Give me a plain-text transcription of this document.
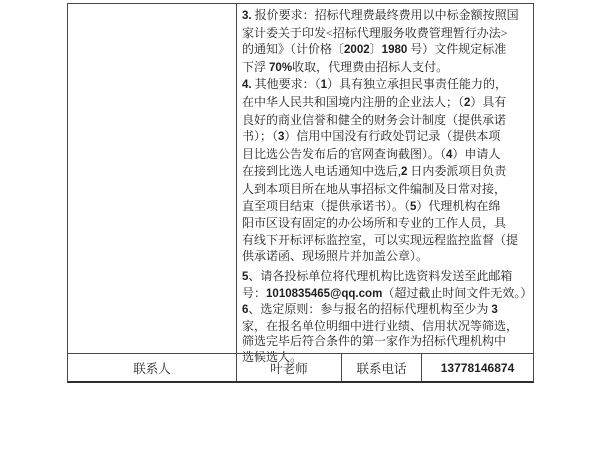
3. 报价要求：招标代理费最终费用以中标金额按照国
家计委关于印发<招标代理服务收费管理暂行办法>
的通知》（计价格〔2002〕1980 号）文件规定标准
下浮 70%收取，代理费由招标人支付。
4. 其他要求：（1）具有独立承担民事责任能力的，
在中华人民共和国境内注册的企业法人；（2）具有
良好的商业信誉和健全的财务会计制度（提供承诺
书）；（3）信用中国没有行政处罚记录（提供本项
目比选公告发布后的官网查询截图）。（4）申请人
在接到比选人电话通知中选后,2 日内委派项目负责
人到本项目所在地从事招标文件编制及日常对接，
直至项目结束（提供承诺书）。（5）代理机构在绵
阳市区设有固定的办公场所和专业的工作人员，具
有线下开标评标监控室，可以实现远程监控监督（提
供承诺函、现场照片并加盖公章）。
5、请各投标单位将代理机构比选资料发送至此邮箱
号：1010835465@qq.com（超过截止时间文件无效。）
6、选定原则：参与报名的招标代理机构至少为 3
家，在报名单位明细中进行业绩、信用状况等筛选，
筛选完毕后符合条件的第一家作为招标代理机构中
选候选人。
联系人	叶老师	联系电话	1 3 7 7 8 1 4 6 8 7 4
